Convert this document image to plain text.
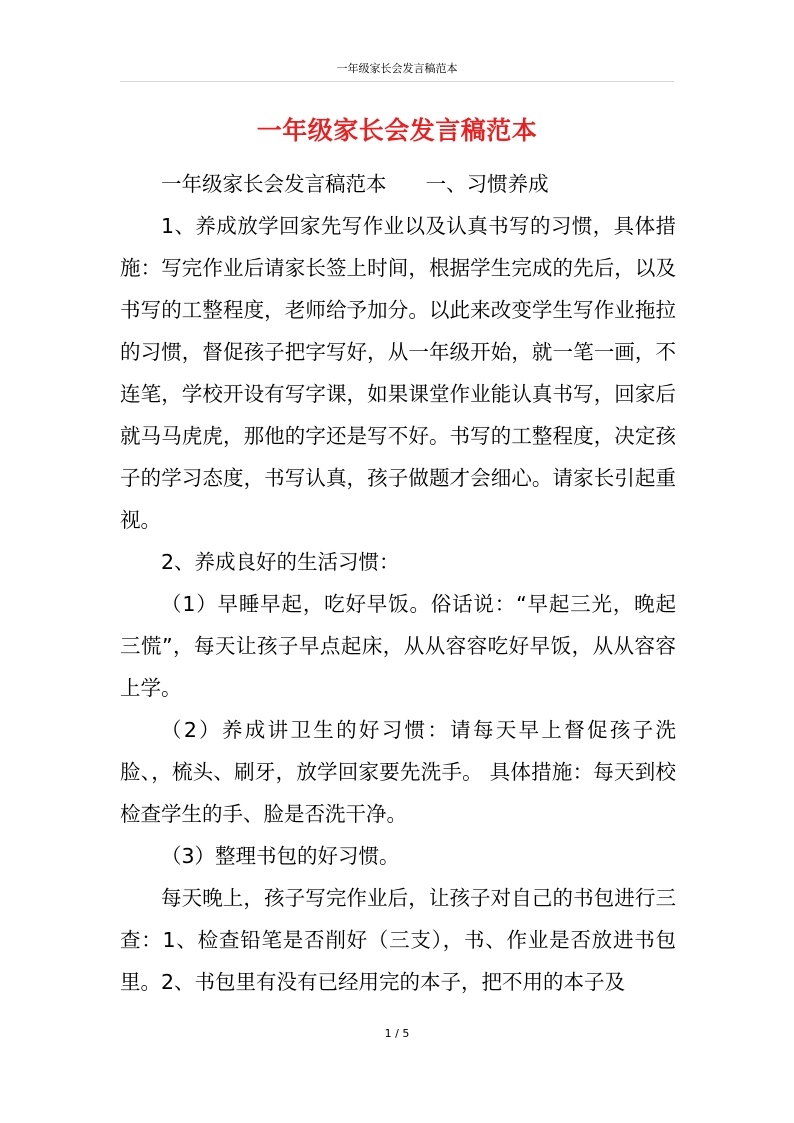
一年级家长会发言稿范本
一年级家长会发言稿范本

一年级家长会发言稿范本      一、习惯养成

1、养成放学回家先写作业以及认真书写的习惯，具体措施：写完作业后请家长签上时间，根据学生完成的先后，以及书写的工整程度，老师给予加分。以此来改变学生写作业拖拉的习惯，督促孩子把字写好，从一年级开始，就一笔一画，不连笔，学校开设有写字课，如果课堂作业能认真书写，回家后就马马虎虎，那他的字还是写不好。书写的工整程度，决定孩子的学习态度，书写认真，孩子做题才会细心。请家长引起重视。

2、养成良好的生活习惯：

（1）早睡早起，吃好早饭。俗话说：“早起三光，晚起三慌”，每天让孩子早点起床，从从容容吃好早饭，从从容容上学。

（2）养成讲卫生的好习惯：请每天早上督促孩子洗脸、，梳头、刷牙，放学回家要先洗手。 具体措施：每天到校检查学生的手、脸是否洗干净。

（3）整理书包的好习惯。

每天晚上，孩子写完作业后，让孩子对自己的书包进行三查：1、检查铅笔是否削好（三支），书、作业是否放进书包里。2、书包里有没有已经用完的本子，把不用的本子及

1 / 5
